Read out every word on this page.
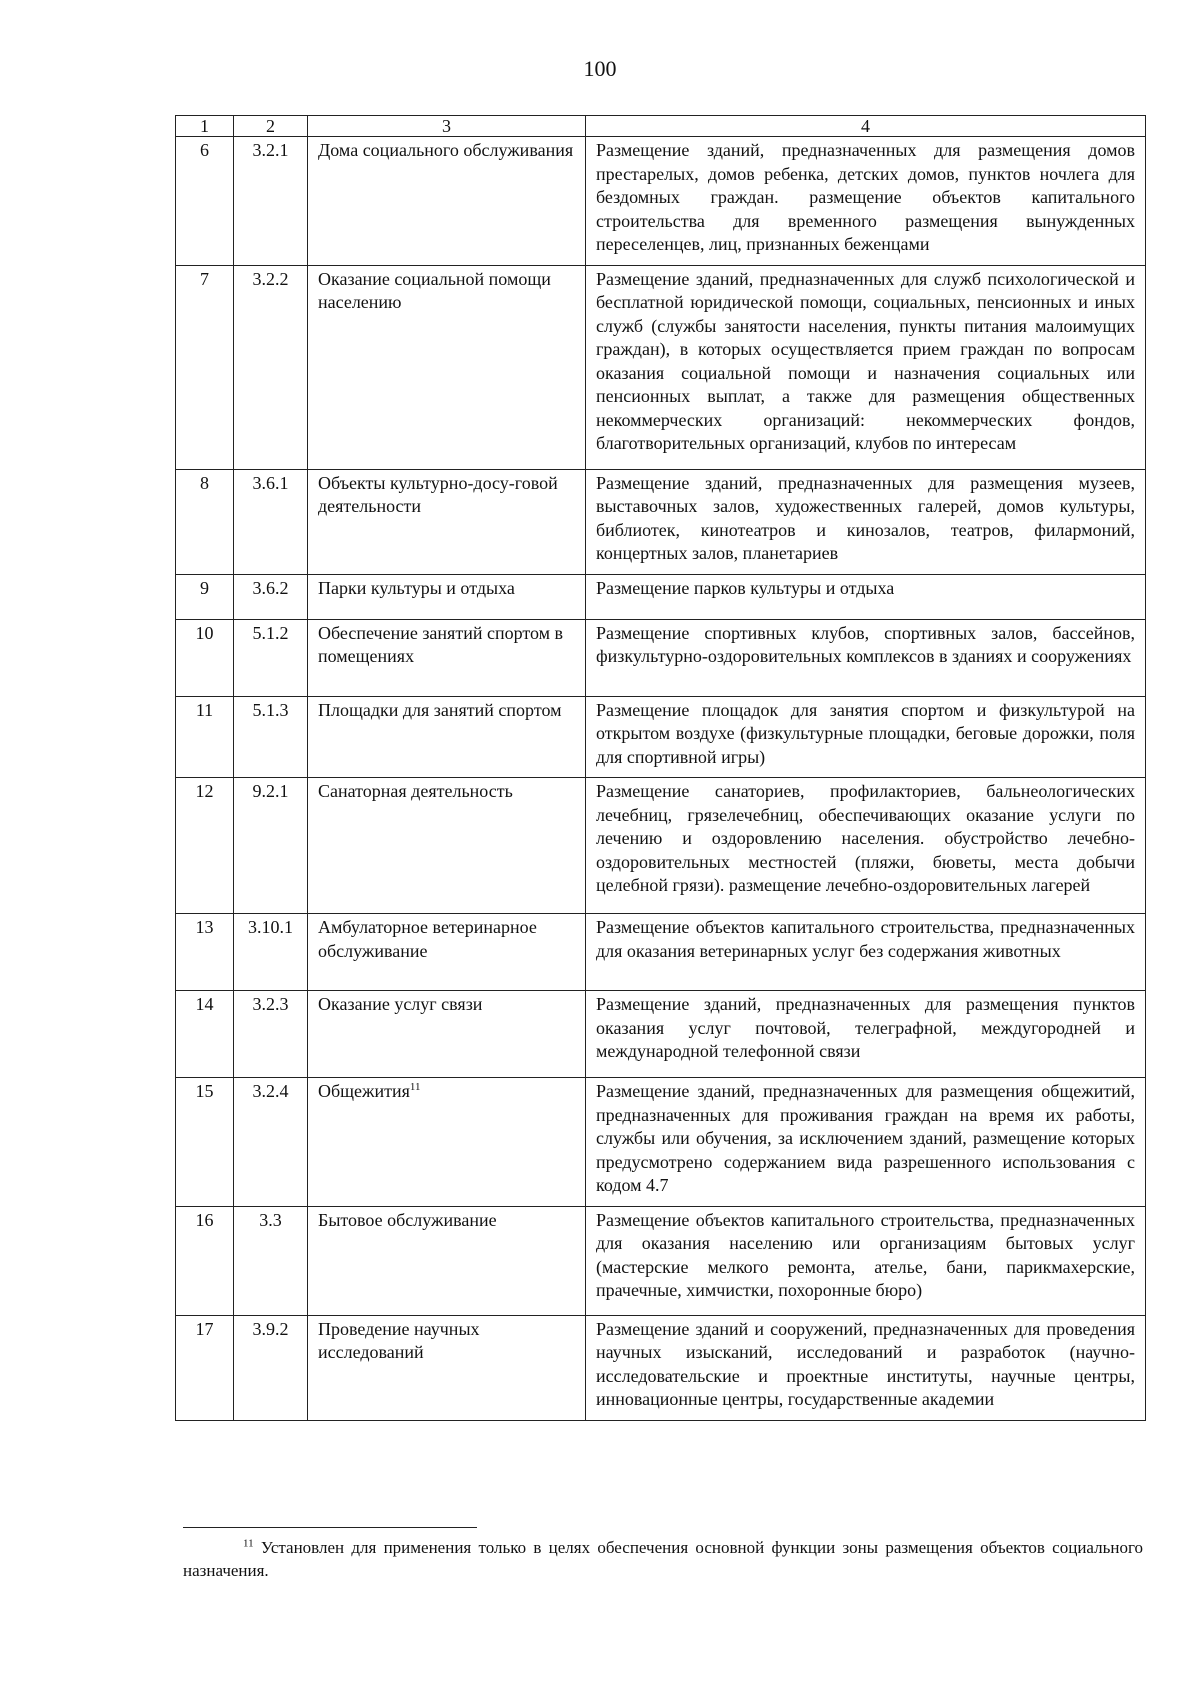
100
1	2	3	4
6	3.2.1	Дома социального обслуживания	Размещение зданий, предназначенных для размещения домов престарелых, домов ребенка, детских домов, пунктов ночлега для бездомных граждан. размещение объектов капитального строительства для временного размещения вынужденных переселенцев, лиц, признанных беженцами
7	3.2.2	Оказание социальной помощи населению	Размещение зданий, предназначенных для служб психологической и бесплатной юридической помощи, социальных, пенсионных и иных служб (службы занятости населения, пункты питания малоимущих граждан), в которых осуществляется прием граждан по вопросам оказания социальной помощи и назначения социальных или пенсионных выплат, а также для размещения общественных некоммерческих организаций: некоммерческих фондов, благотворительных организаций, клубов по интересам
8	3.6.1	Объекты культурно-досу-говой деятельности	Размещение зданий, предназначенных для размещения музеев, выставочных залов, художественных галерей, домов культуры, библиотек, кинотеатров и кинозалов, театров, филармоний, концертных залов, планетариев
9	3.6.2	Парки культуры и отдыха	Размещение парков культуры и отдыха
10	5.1.2	Обеспечение занятий спортом в помещениях	Размещение спортивных клубов, спортивных залов, бассейнов, физкультурно-оздоровительных комплексов в зданиях и сооружениях
11	5.1.3	Площадки для занятий спортом	Размещение площадок для занятия спортом и физкультурой на открытом воздухе (физкультурные площадки, беговые дорожки, поля для спортивной игры)
12	9.2.1	Санаторная деятельность	Размещение санаториев, профилакториев, бальнеологических лечебниц, грязелечебниц, обеспечивающих оказание услуги по лечению и оздоровлению населения. обустройство лечебно-оздоровительных местностей (пляжи, бюветы, места добычи целебной грязи). размещение лечебно-оздоровительных лагерей
13	3.10.1	Амбулаторное ветеринарное обслуживание	Размещение объектов капитального строительства, предназначенных для оказания ветеринарных услуг без содержания животных
14	3.2.3	Оказание услуг связи	Размещение зданий, предназначенных для размещения пунктов оказания услуг почтовой, телеграфной, междугородней и международной телефонной связи
15	3.2.4	Общежития$^{11}$	Размещение зданий, предназначенных для размещения общежитий, предназначенных для проживания граждан на время их работы, службы или обучения, за исключением зданий, размещение которых предусмотрено содержанием вида разрешенного использования с кодом 4.7
16	3.3	Бытовое обслуживание	Размещение объектов капитального строительства, предназначенных для оказания населению или организациям бытовых услуг (мастерские мелкого ремонта, ателье, бани, парикмахерские, прачечные, химчистки, похоронные бюро)
17	3.9.2	Проведение научных исследований	Размещение зданий и сооружений, предназначенных для проведения научных изысканий, исследований и разработок (научно-исследовательские и проектные институты, научные центры, инновационные центры, государственные академии
$^{11}$ Установлен для применения только в целях обеспечения основной функции зоны размещения объектов социального назначения.
